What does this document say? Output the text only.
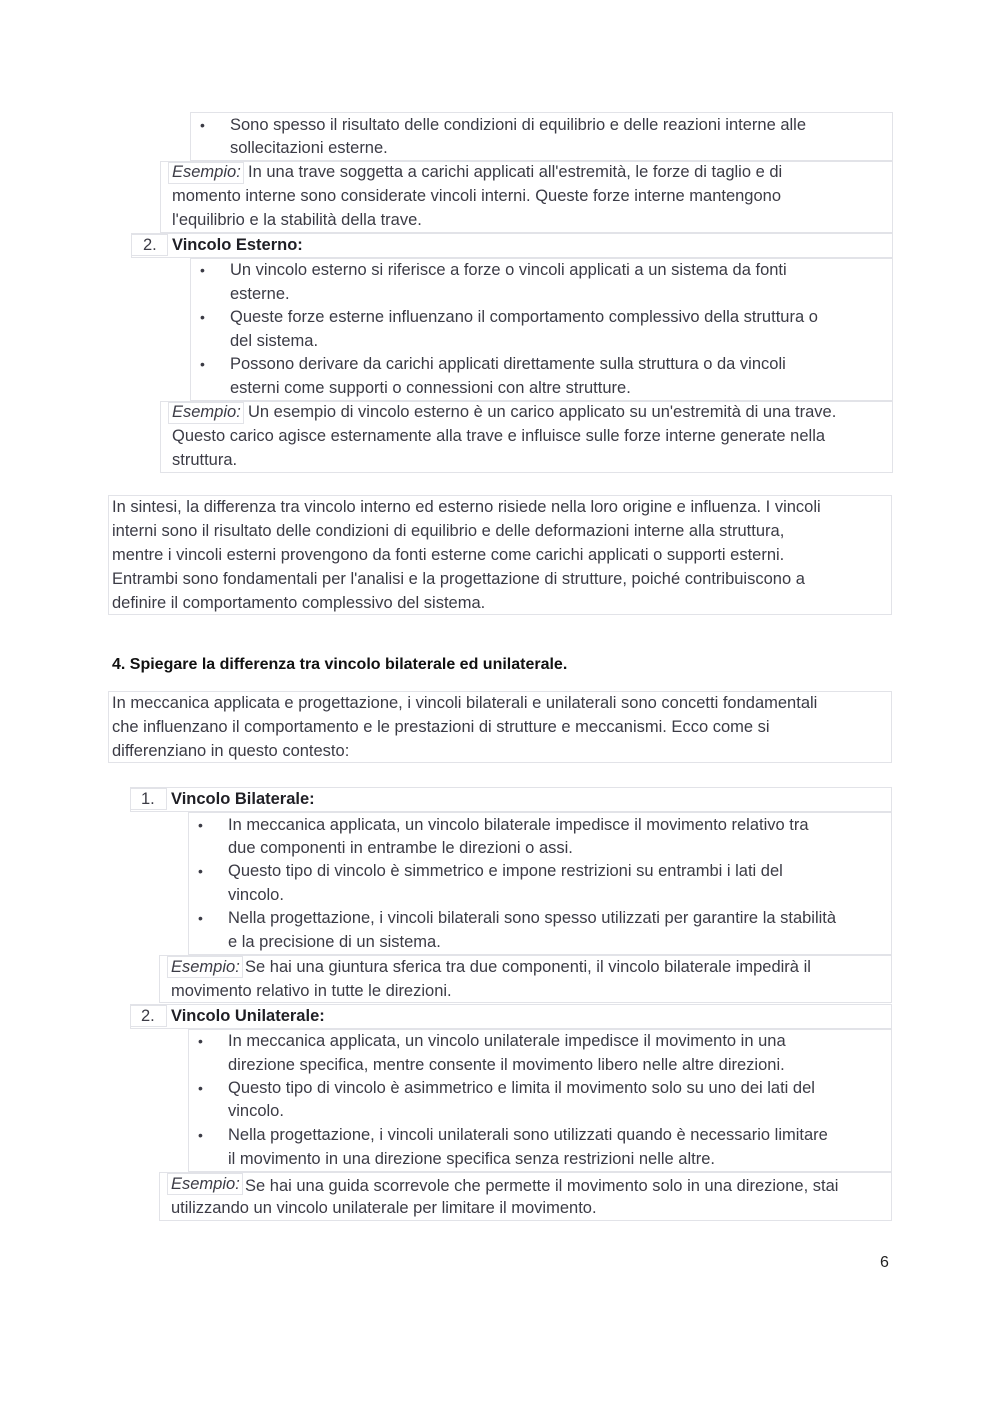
• Sono spesso il risultato delle condizioni di equilibrio e delle reazioni interne alle
sollecitazioni esterne.
Esempio: In una trave soggetta a carichi applicati all'estremità, le forze di taglio e di
momento interne sono considerate vincoli interni. Queste forze interne mantengono
l'equilibrio e la stabilità della trave.
2. Vincolo Esterno:
• Un vincolo esterno si riferisce a forze o vincoli applicati a un sistema da fonti
esterne.
• Queste forze esterne influenzano il comportamento complessivo della struttura o
del sistema.
• Possono derivare da carichi applicati direttamente sulla struttura o da vincoli
esterni come supporti o connessioni con altre strutture.
Esempio: Un esempio di vincolo esterno è un carico applicato su un'estremità di una trave.
Questo carico agisce esternamente alla trave e influisce sulle forze interne generate nella
struttura.
In sintesi, la differenza tra vincolo interno ed esterno risiede nella loro origine e influenza. I vincoli
interni sono il risultato delle condizioni di equilibrio e delle deformazioni interne alla struttura,
mentre i vincoli esterni provengono da fonti esterne come carichi applicati o supporti esterni.
Entrambi sono fondamentali per l'analisi e la progettazione di strutture, poiché contribuiscono a
definire il comportamento complessivo del sistema.
4. Spiegare la differenza tra vincolo bilaterale ed unilaterale.
In meccanica applicata e progettazione, i vincoli bilaterali e unilaterali sono concetti fondamentali
che influenzano il comportamento e le prestazioni di strutture e meccanismi. Ecco come si
differenziano in questo contesto:
1. Vincolo Bilaterale:
• In meccanica applicata, un vincolo bilaterale impedisce il movimento relativo tra
due componenti in entrambe le direzioni o assi.
• Questo tipo di vincolo è simmetrico e impone restrizioni su entrambi i lati del
vincolo.
• Nella progettazione, i vincoli bilaterali sono spesso utilizzati per garantire la stabilità
e la precisione di un sistema.
Esempio: Se hai una giuntura sferica tra due componenti, il vincolo bilaterale impedirà il
movimento relativo in tutte le direzioni.
2. Vincolo Unilaterale:
• In meccanica applicata, un vincolo unilaterale impedisce il movimento in una
direzione specifica, mentre consente il movimento libero nelle altre direzioni.
• Questo tipo di vincolo è asimmetrico e limita il movimento solo su uno dei lati del
vincolo.
• Nella progettazione, i vincoli unilaterali sono utilizzati quando è necessario limitare
il movimento in una direzione specifica senza restrizioni nelle altre.
Esempio: Se hai una guida scorrevole che permette il movimento solo in una direzione, stai
utilizzando un vincolo unilaterale per limitare il movimento.
6
